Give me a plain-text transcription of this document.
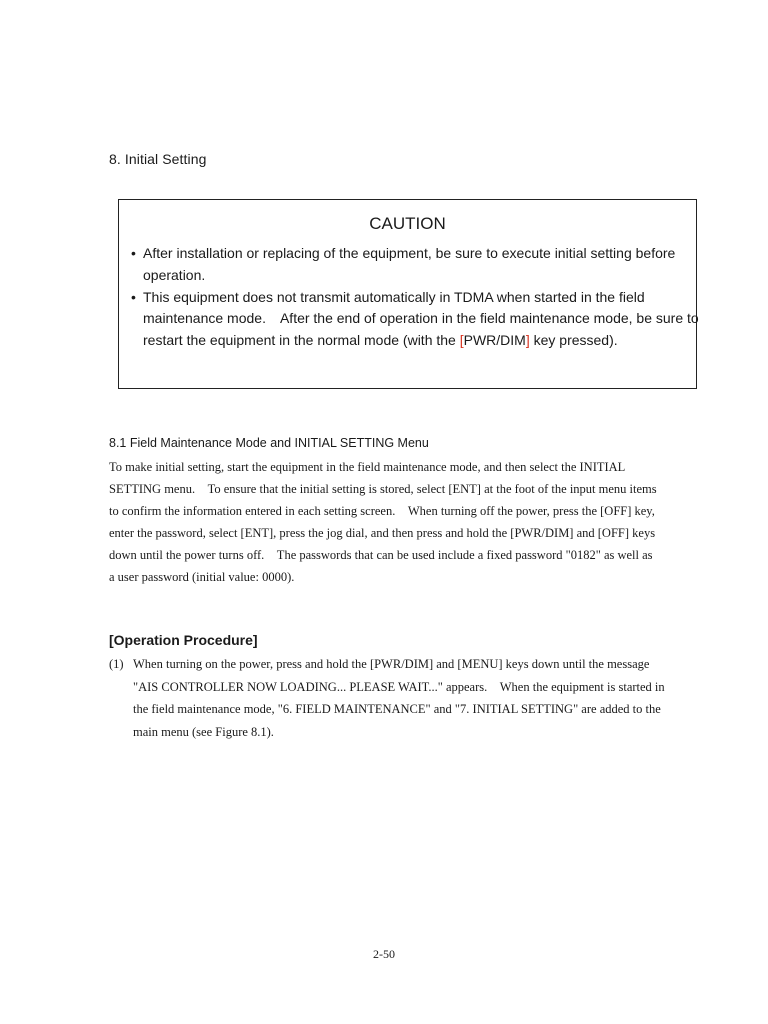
8. Initial Setting
CAUTION
• After installation or replacing of the equipment, be sure to execute initial setting before operation.
• This equipment does not transmit automatically in TDMA when started in the field maintenance mode.　After the end of operation in the field maintenance mode, be sure to restart the equipment in the normal mode (with the [PWR/DIM] key pressed).
8.1 Field Maintenance Mode and INITIAL SETTING Menu

To make initial setting, start the equipment in the field maintenance mode, and then select the INITIAL SETTING menu.　To ensure that the initial setting is stored, select [ENT] at the foot of the input menu items to confirm the information entered in each setting screen.　When turning off the power, press the [OFF] key, enter the password, select [ENT], press the jog dial, and then press and hold the [PWR/DIM] and [OFF] keys down until the power turns off.　The passwords that can be used include a fixed password "0182" as well as a user password (initial value: 0000).

[Operation Procedure]
(1) When turning on the power, press and hold the [PWR/DIM] and [MENU] keys down until the message "AIS CONTROLLER NOW LOADING... PLEASE WAIT..." appears.　When the equipment is started in the field maintenance mode, "6. FIELD MAINTENANCE" and "7. INITIAL SETTING" are added to the main menu (see Figure 8.1).

2-50
